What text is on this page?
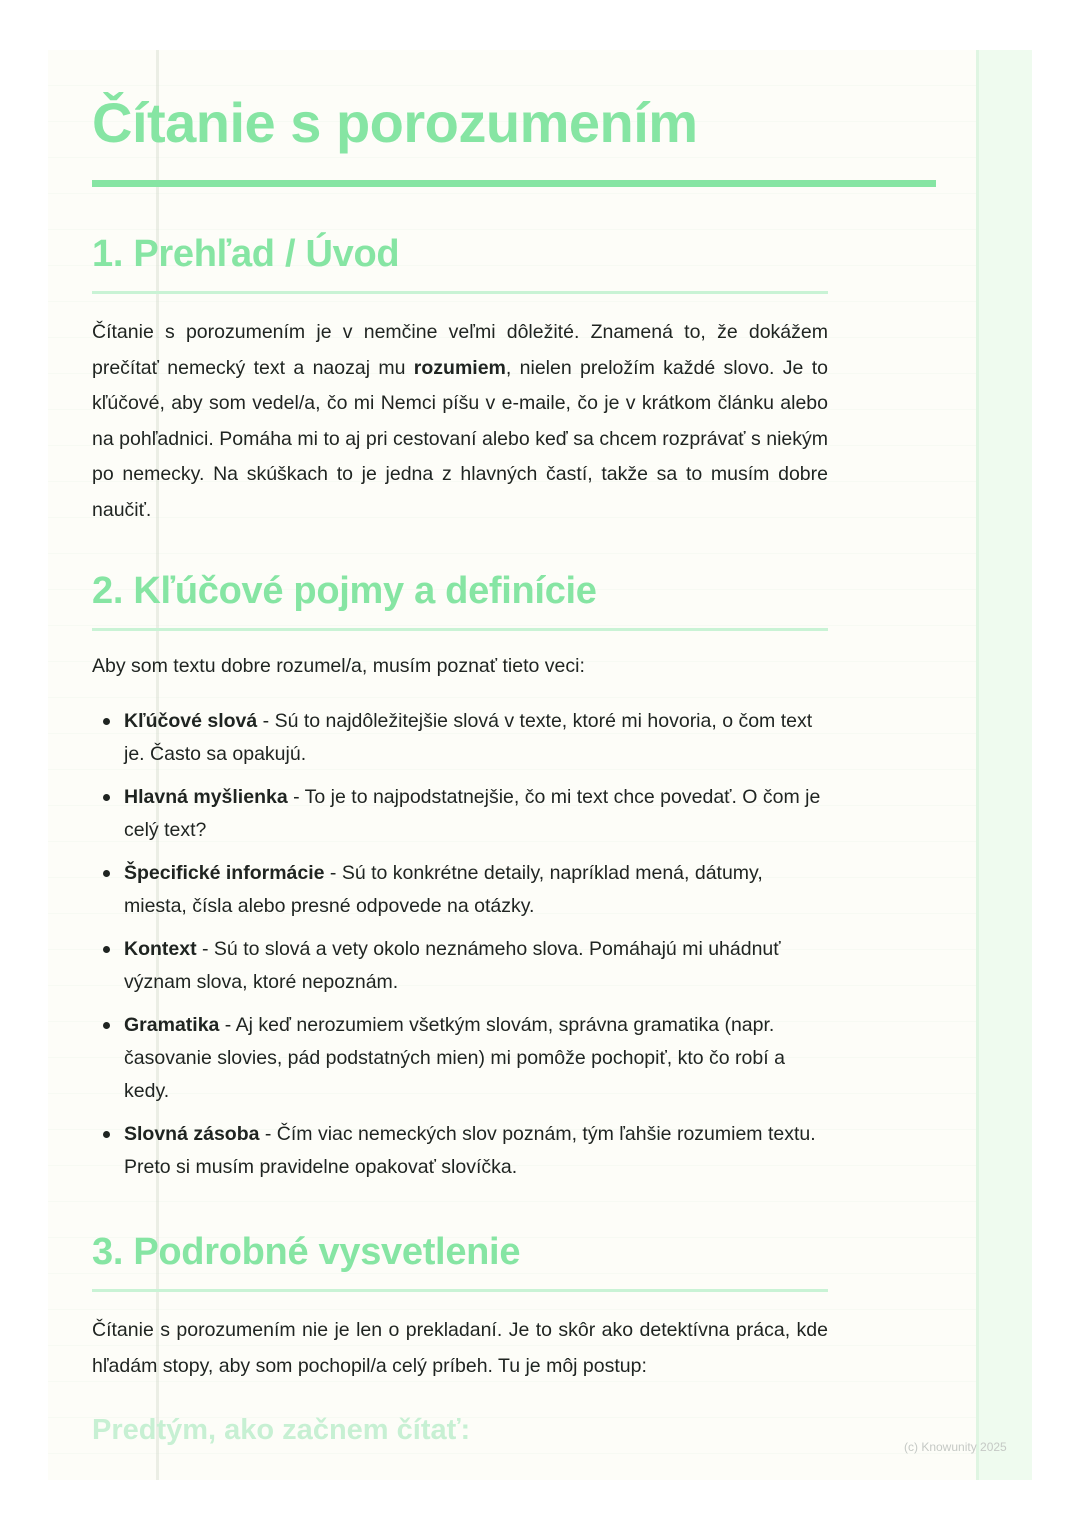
Čítanie s porozumením
1. Prehľad / Úvod

Čítanie s porozumením je v nemčine veľmi dôležité. Znamená to, že dokážem prečítať nemecký text a naozaj mu rozumiem, nielen preložím každé slovo. Je to kľúčové, aby som vedel/a, čo mi Nemci píšu v e-maile, čo je v krátkom článku alebo na pohľadnici. Pomáha mi to aj pri cestovaní alebo keď sa chcem rozprávať s niekým po nemecky. Na skúškach to je jedna z hlavných častí, takže sa to musím dobre naučiť.

2. Kľúčové pojmy a definície

Aby som textu dobre rozumel/a, musím poznať tieto veci:

Kľúčové slová - Sú to najdôležitejšie slová v texte, ktoré mi hovoria, o čom text je. Často sa opakujú.
Hlavná myšlienka - To je to najpodstatnejšie, čo mi text chce povedať. O čom je celý text?
Špecifické informácie - Sú to konkrétne detaily, napríklad mená, dátumy, miesta, čísla alebo presné odpovede na otázky.
Kontext - Sú to slová a vety okolo neznámeho slova. Pomáhajú mi uhádnuť význam slova, ktoré nepoznám.
Gramatika - Aj keď nerozumiem všetkým slovám, správna gramatika (napr. časovanie slovies, pád podstatných mien) mi pomôže pochopiť, kto čo robí a kedy.
Slovná zásoba - Čím viac nemeckých slov poznám, tým ľahšie rozumiem textu. Preto si musím pravidelne opakovať slovíčka.
3. Podrobné vysvetlenie

Čítanie s porozumením nie je len o prekladaní. Je to skôr ako detektívna práca, kde hľadám stopy, aby som pochopil/a celý príbeh. Tu je môj postup:

Predtým, ako začnem čítať:
(c) Knowunity 2025
